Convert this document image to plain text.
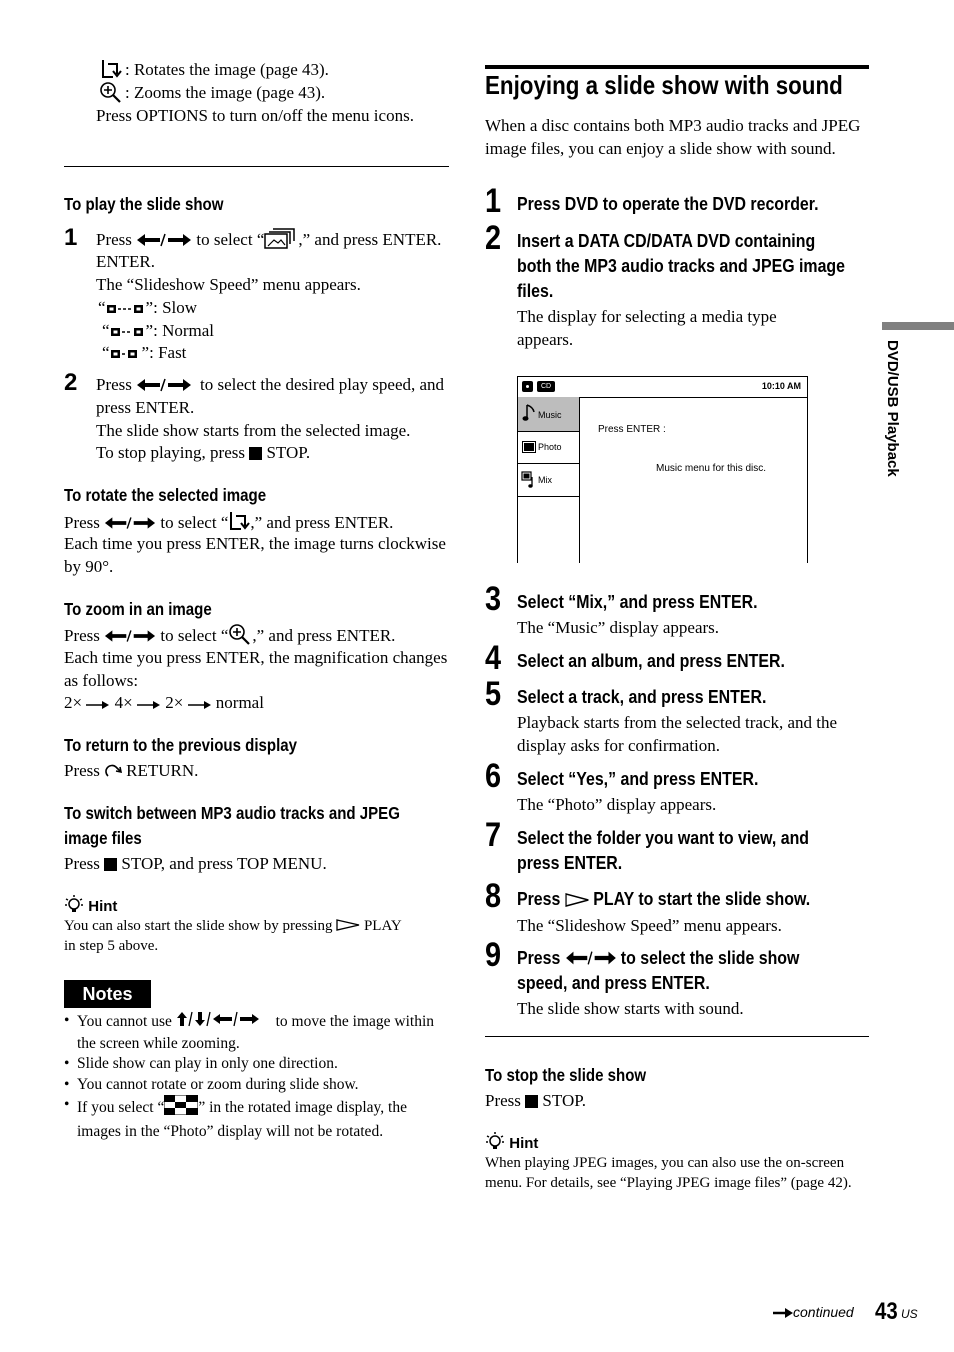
: Rotates the image (page 43).

: Zooms the image (page 43).

Press OPTIONS to turn on/off the menu icons.

To play the slide show
1 Press	to select “ ,” and press ENTER.

ENTER.

The “Slideshow Speed” menu appears.

“ ”: Slow

“ ”: Normal

“ ”: Fast

2 Press	to select the desired play speed, and press ENTER.

The slide show starts from the selected image.

To stop playing, press STOP.

To rotate the selected image

Press	to select “ ,” and press ENTER.

Each time you press ENTER, the image turns clockwise by 90°.

To zoom in an image

Press	to select “ ,” and press ENTER.

Each time you press ENTER, the magnification changes as follows:

2× 4× 2× normal

To return to the previous display

Press RETURN.

To switch between MP3 audio tracks and JPEG
image files

Press STOP, and press TOP MENU.

Hint

You can also start the slide show by pressing PLAY

in step 5 above.

Notes
• You cannot use	to move the image within the screen while zooming.
• Slide show can play in only one direction.
• You cannot rotate or zoom during slide show.
• If you select “ ” in the rotated image display, the images in the “Photo” display will not be rotated.
Enjoying a slide show with sound

When a disc contains both MP3 audio tracks and JPEG image files, you can enjoy a slide show with sound.

1 Press DVD to operate the DVD recorder.
2 Insert a DATA CD/DATA DVD containing
both the MP3 audio tracks and JPEG image
files.

The display for selecting a media type appears.

CD	10:10 AM
Music
Photo
Mix
Press ENTER :
Music menu for this disc.
3 Select “Mix,” and press ENTER.

The “Music” display appears.

4 Select an album, and press ENTER.
5 Select a track, and press ENTER.

Playback starts from the selected track, and the display asks for confirmation.

6 Select “Yes,” and press ENTER.

The “Photo” display appears.

7 Select the folder you want to view, and
press ENTER.
8 Press PLAY to start the slide show.

The “Slideshow Speed” menu appears.

9 Press	to select the slide show
speed, and press ENTER.

The slide show starts with sound.

To stop the slide show

Press STOP.

Hint

When playing JPEG images, you can also use the on-screen menu. For details, see “Playing JPEG image files” (page 42).

DVD/USB Playback
continued 43 US
